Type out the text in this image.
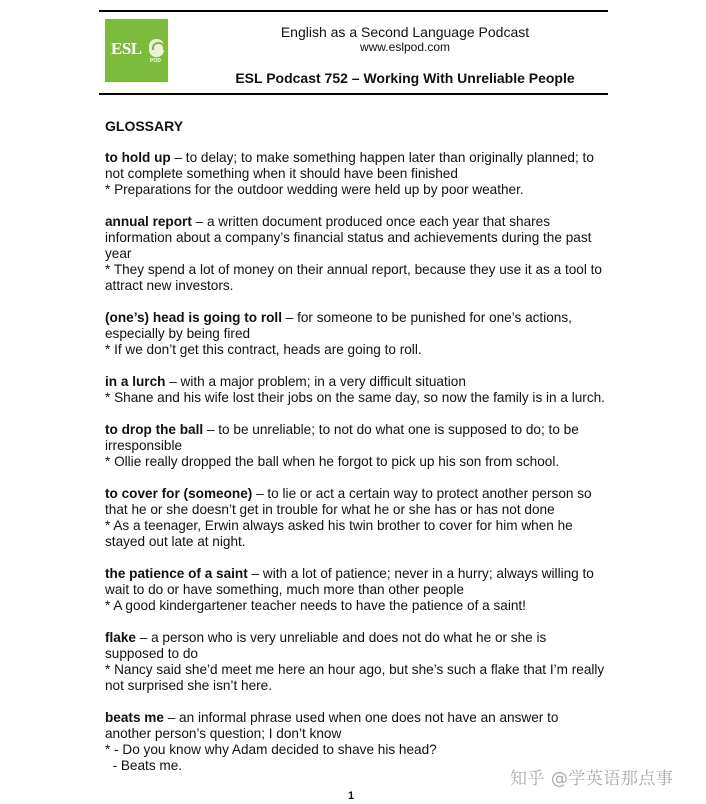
ESL
POD
English as a Second Language Podcast
www.eslpod.com
ESL Podcast 752 – Working With Unreliable People
GLOSSARY
to hold up – to delay; to make something happen later than originally planned; to not complete something when it should have been finished
* Preparations for the outdoor wedding were held up by poor weather.
annual report – a written document produced once each year that shares information about a company’s financial status and achievements during the past year
* They spend a lot of money on their annual report, because they use it as a tool to attract new investors.
(one’s) head is going to roll – for someone to be punished for one’s actions, especially by being fired
* If we don’t get this contract, heads are going to roll.
in a lurch – with a major problem; in a very difficult situation
* Shane and his wife lost their jobs on the same day, so now the family is in a lurch.
to drop the ball – to be unreliable; to not do what one is supposed to do; to be irresponsible
* Ollie really dropped the ball when he forgot to pick up his son from school.
to cover for (someone) – to lie or act a certain way to protect another person so that he or she doesn’t get in trouble for what he or she has or has not done
* As a teenager, Erwin always asked his twin brother to cover for him when he stayed out late at night.
the patience of a saint – with a lot of patience; never in a hurry; always willing to wait to do or have something, much more than other people
* A good kindergartener teacher needs to have the patience of a saint!
flake – a person who is very unreliable and does not do what he or she is supposed to do
* Nancy said she’d meet me here an hour ago, but she’s such a flake that I’m really not surprised she isn’t here.
beats me – an informal phrase used when one does not have an answer to another person’s question; I don’t know
* - Do you know why Adam decided to shave his head?
- Beats me.
1
知乎 @学英语那点事
